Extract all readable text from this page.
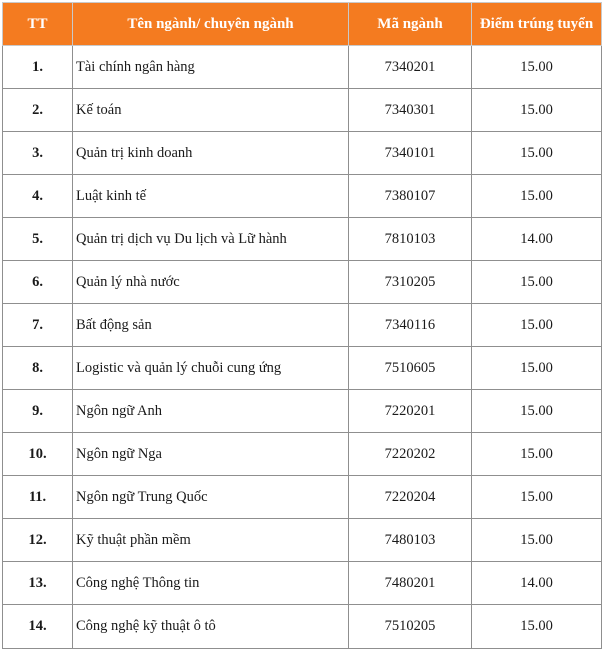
TT	Tên ngành/ chuyên ngành	Mã ngành	Điểm trúng tuyển
1.	Tài chính ngân hàng	7340201	15.00
2.	Kế toán	7340301	15.00
3.	Quản trị kinh doanh	7340101	15.00
4.	Luật kinh tế	7380107	15.00
5.	Quản trị dịch vụ Du lịch và Lữ hành	7810103	14.00
6.	Quản lý nhà nước	7310205	15.00
7.	Bất động sản	7340116	15.00
8.	Logistic và quản lý chuỗi cung ứng	7510605	15.00
9.	Ngôn ngữ Anh	7220201	15.00
10.	Ngôn ngữ Nga	7220202	15.00
11.	Ngôn ngữ Trung Quốc	7220204	15.00
12.	Kỹ thuật phần mềm	7480103	15.00
13.	Công nghệ Thông tin	7480201	14.00
14.	Công nghệ kỹ thuật ô tô	7510205	15.00
